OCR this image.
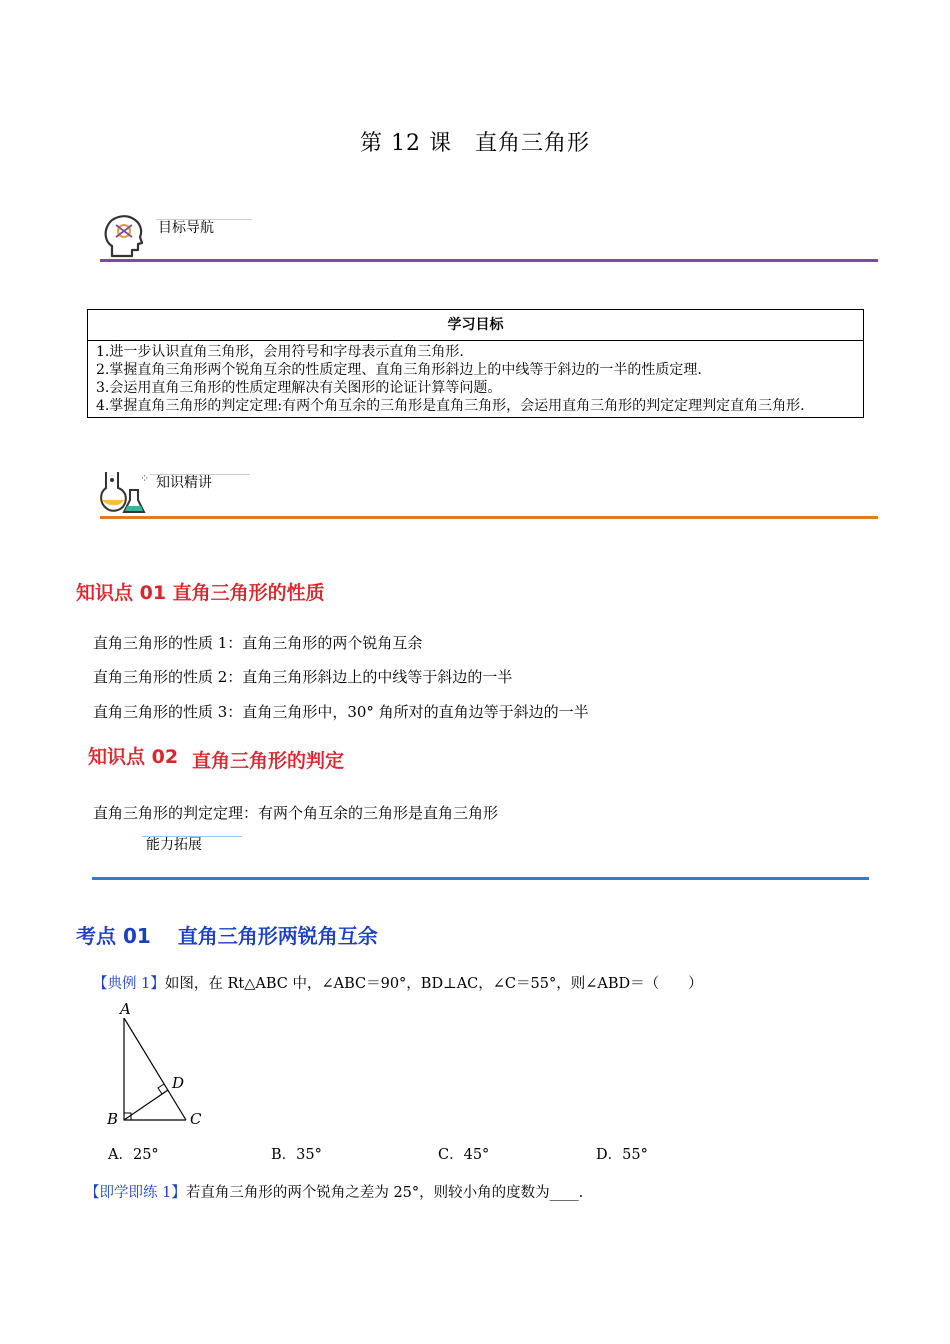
第 12 课　直角三角形
目标导航
学习目标

1.进一步认识直角三角形，会用符号和字母表示直角三角形.
2.掌握直角三角形两个锐角互余的性质定理、直角三角形斜边上的中线等于斜边的一半的性质定理.
3.会运用直角三角形的性质定理解决有关图形的论证计算等问题。
4.掌握直角三角形的判定定理:有两个角互余的三角形是直角三角形，会运用直角三角形的判定定理判定直角三角形.
⁘ 知识精讲
知识点 01 直角三角形的性质
直角三角形的性质 1：直角三角形的两个锐角互余
直角三角形的性质 2：直角三角形斜边上的中线等于斜边的一半
直角三角形的性质 3：直角三角形中，30° 角所对的直角边等于斜边的一半
知识点 02 直角三角形的判定
直角三角形的判定定理：有两个角互余的三角形是直角三角形
能力拓展
考点 01　 直角三角形两锐角互余
【典例 1】如图，在 Rt△ABC 中，∠ABC＝90°，BD⊥AC，∠C＝55°，则∠ABD＝（　　）
A
B	C
D
A．25°	B．35°	C．45°	D．55°
【即学即练 1】若直角三角形的两个锐角之差为 25°，则较小角的度数为____.
